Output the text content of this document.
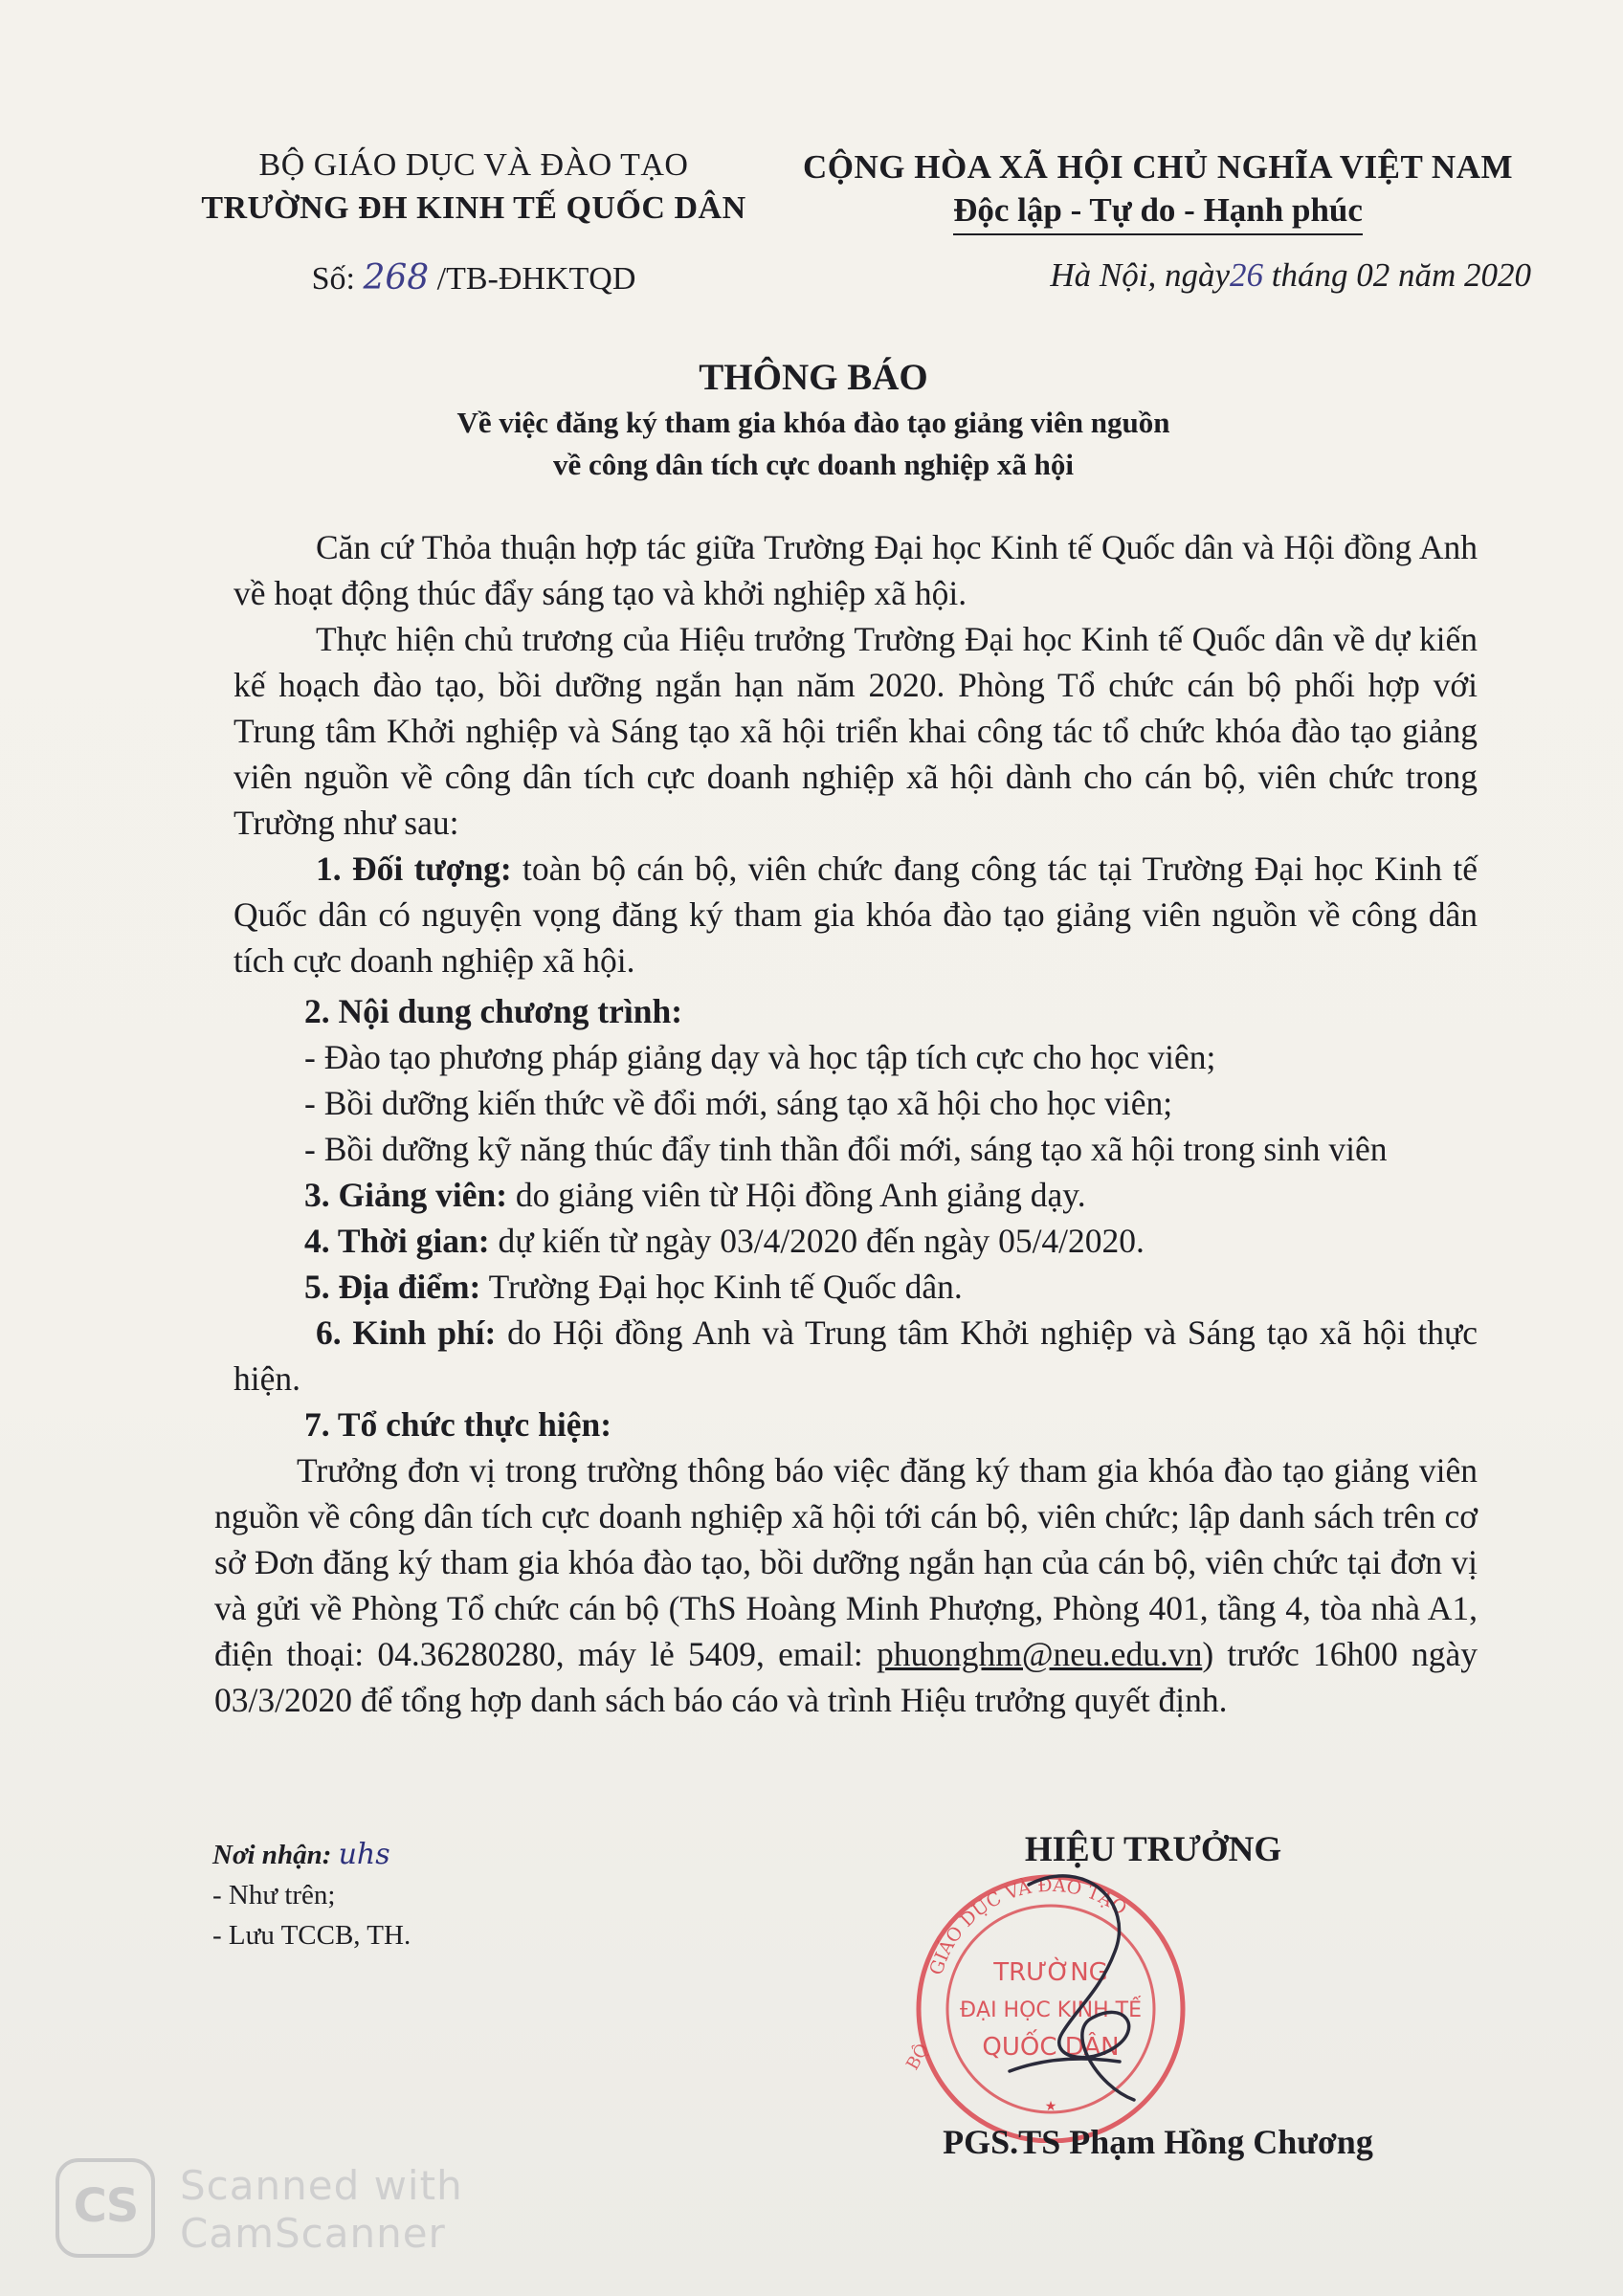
BỘ GIÁO DỤC VÀ ĐÀO TẠO
TRƯỜNG ĐH KINH TẾ QUỐC DÂN
Số: 268 /TB-ĐHKTQD
CỘNG HÒA XÃ HỘI CHỦ NGHĨA VIỆT NAM
Độc lập - Tự do - Hạnh phúc
Hà Nội, ngày26 tháng 02 năm 2020
THÔNG BÁO
Về việc đăng ký tham gia khóa đào tạo giảng viên nguồn
về công dân tích cực doanh nghiệp xã hội

Căn cứ Thỏa thuận hợp tác giữa Trường Đại học Kinh tế Quốc dân và Hội đồng Anh về hoạt động thúc đẩy sáng tạo và khởi nghiệp xã hội.

Thực hiện chủ trương của Hiệu trưởng Trường Đại học Kinh tế Quốc dân về dự kiến kế hoạch đào tạo, bồi dưỡng ngắn hạn năm 2020. Phòng Tổ chức cán bộ phối hợp với Trung tâm Khởi nghiệp và Sáng tạo xã hội triển khai công tác tổ chức khóa đào tạo giảng viên nguồn về công dân tích cực doanh nghiệp xã hội dành cho cán bộ, viên chức trong Trường như sau:

1. Đối tượng: toàn bộ cán bộ, viên chức đang công tác tại Trường Đại học Kinh tế Quốc dân có nguyện vọng đăng ký tham gia khóa đào tạo giảng viên nguồn về công dân tích cực doanh nghiệp xã hội.

2. Nội dung chương trình:

- Đào tạo phương pháp giảng dạy và học tập tích cực cho học viên;

- Bồi dưỡng kiến thức về đổi mới, sáng tạo xã hội cho học viên;

- Bồi dưỡng kỹ năng thúc đẩy tinh thần đổi mới, sáng tạo xã hội trong sinh viên

3. Giảng viên: do giảng viên từ Hội đồng Anh giảng dạy.

4. Thời gian: dự kiến từ ngày 03/4/2020 đến ngày 05/4/2020.

5. Địa điểm: Trường Đại học Kinh tế Quốc dân.

6. Kinh phí: do Hội đồng Anh và Trung tâm Khởi nghiệp và Sáng tạo xã hội thực hiện.

7. Tổ chức thực hiện:

Trưởng đơn vị trong trường thông báo việc đăng ký tham gia khóa đào tạo giảng viên nguồn về công dân tích cực doanh nghiệp xã hội tới cán bộ, viên chức; lập danh sách trên cơ sở Đơn đăng ký tham gia khóa đào tạo, bồi dưỡng ngắn hạn của cán bộ, viên chức tại đơn vị và gửi về Phòng Tổ chức cán bộ (ThS Hoàng Minh Phượng, Phòng 401, tầng 4, tòa nhà A1, điện thoại: 04.36280280, máy lẻ 5409, email: phuonghm@neu.edu.vn) trước 16h00 ngày 03/3/2020 để tổng hợp danh sách báo cáo và trình Hiệu trưởng quyết định.

Nơi nhận: uhs
- Như trên;
- Lưu TCCB, TH.
HIỆU TRƯỞNG
GIÁO DỤC VÀ ĐÀO TẠO
BỘ
TRƯỜNG
ĐẠI HỌC KINH TẾ
QUỐC DÂN
★
PGS.TS Phạm Hồng Chương
CS	Scanned with
CamScanner
